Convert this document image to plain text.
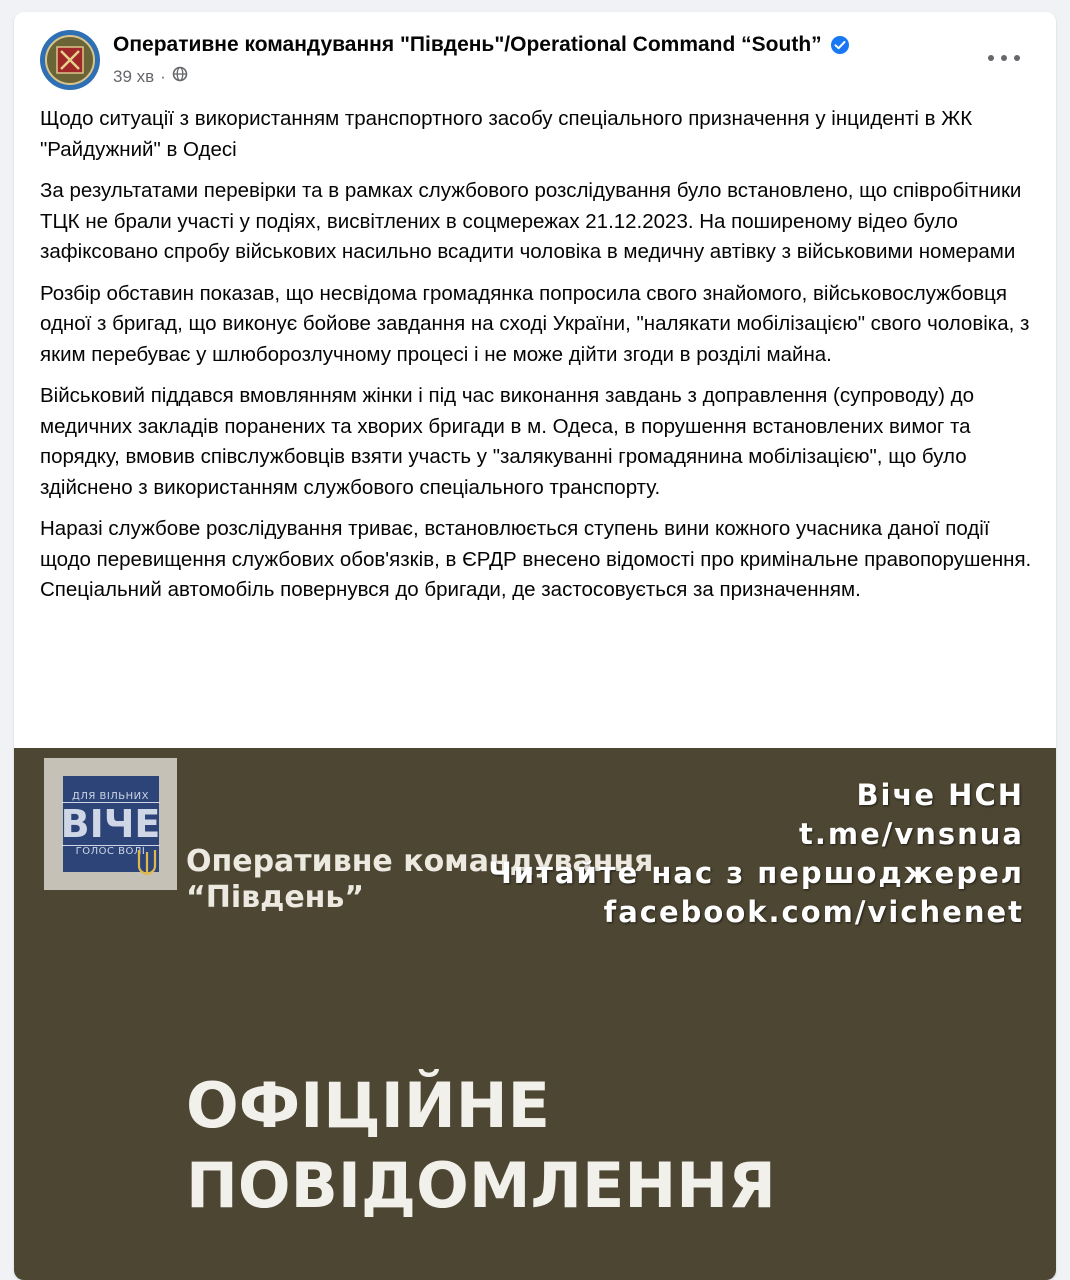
Оперативне командування "Південь"/Operational Command “South”
39 хв ·

Щодо ситуації з використанням транспортного засобу спеціального призначення у інциденті в ЖК "Райдужний" в Одесі

За результатами перевірки та в рамках службового розслідування було встановлено, що співробітники ТЦК не брали участі у подіях, висвітлених в соцмережах 21.12.2023. На поширеному відео було зафіксовано спробу військових насильно всадити чоловіка в медичну автівку з військовими номерами

Розбір обставин показав, що несвідома громадянка попросила свого знайомого, військовослужбовця одної з бригад, що виконує бойове завдання на сході України, "налякати мобілізацією" свого чоловіка, з яким перебуває у шлюборозлучному процесі і не може дійти згоди в розділі майна.

Військовий піддався вмовлянням жінки і під час виконання завдань з доправлення (супроводу) до медичних закладів поранених та хворих бригади в м. Одеса, в порушення встановлених вимог та порядку, вмовив співслужбовців взяти участь у "залякуванні громадянина мобілізацією", що було здійснено з використанням службового спеціального транспорту.

Наразі службове розслідування триває, встановлюється ступень вини кожного учасника даної події щодо перевищення службових обов'язків, в ЄРДР внесено відомості про кримінальне правопорушення.

Спеціальний автомобіль повернувся до бригади, де застосовується за призначенням.

ДЛЯ ВІЛЬНИХ
ВІЧЕ
ГОЛОС ВОЛІ Оперативне командування
“Південь”
Віче НСН
t.me/vnsnua
Читайте нас з першоджерел
facebook.com/vichenet
ОФІЦІЙНЕ
ПОВІДОМЛЕННЯ
